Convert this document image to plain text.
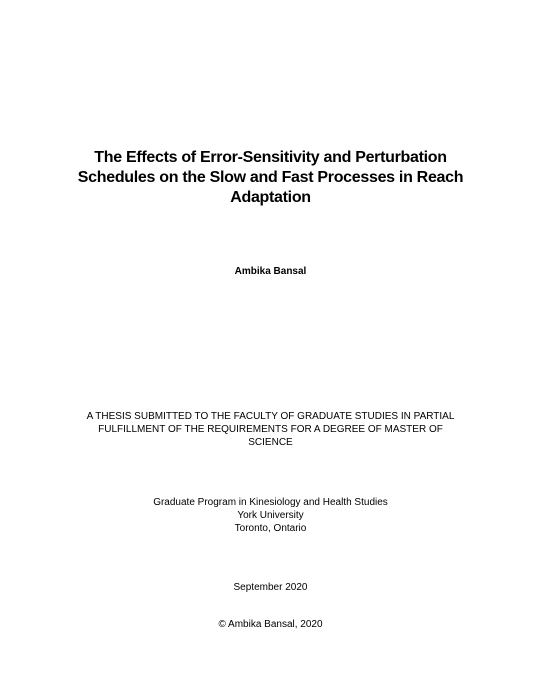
The Effects of Error-Sensitivity and Perturbation
Schedules on the Slow and Fast Processes in Reach
Adaptation
Ambika Bansal
A THESIS SUBMITTED TO THE FACULTY OF GRADUATE STUDIES IN PARTIAL
FULFILLMENT OF THE REQUIREMENTS FOR A DEGREE OF MASTER OF
SCIENCE
Graduate Program in Kinesiology and Health Studies
York University
Toronto, Ontario
September 2020
© Ambika Bansal, 2020
